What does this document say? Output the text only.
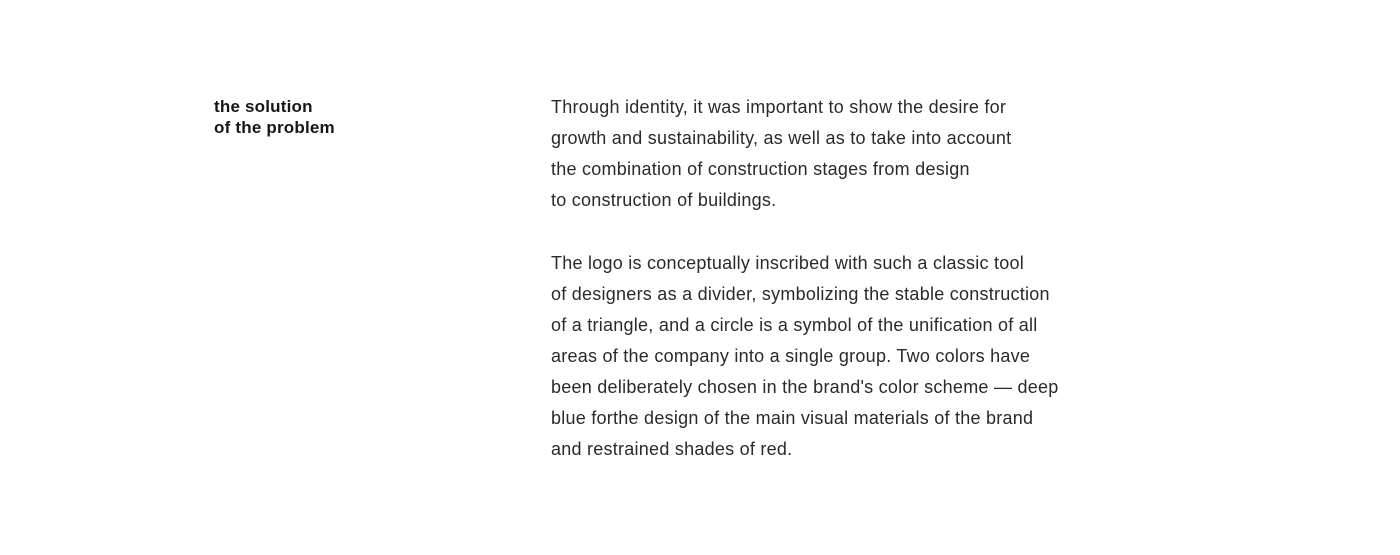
the solution
of the problem

Through identity, it was important to show the desire for
growth and sustainability, as well as to take into account
the combination of construction stages from design
to construction of buildings.

The logo is conceptually inscribed with such a classic tool
of designers as a divider, symbolizing the stable construction
of a triangle, and a circle is a symbol of the unification of all
areas of the company into a single group. Two colors have
been deliberately chosen in the brand's color scheme — deep
blue forthe design of the main visual materials of the brand
and restrained shades of red.
